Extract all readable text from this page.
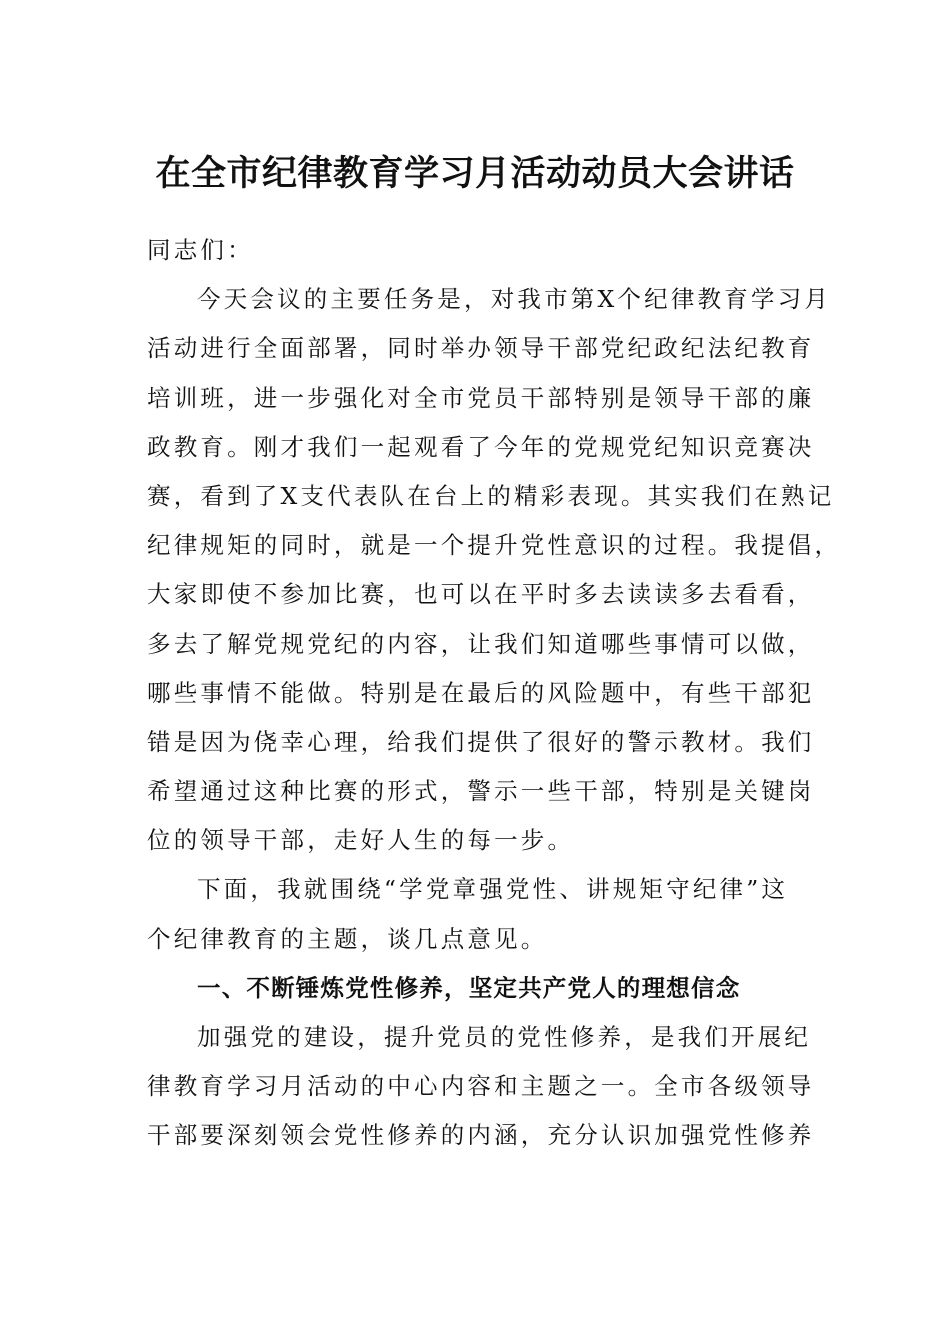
在全市纪律教育学习月活动动员大会讲话
同志们：
今天会议的主要任务是，对我市第X个纪律教育学习月
活动进行全面部署，同时举办领导干部党纪政纪法纪教育
培训班，进一步强化对全市党员干部特别是领导干部的廉
政教育。刚才我们一起观看了今年的党规党纪知识竞赛决
赛，看到了X支代表队在台上的精彩表现。其实我们在熟记
纪律规矩的同时，就是一个提升党性意识的过程。我提倡，
大家即使不参加比赛，也可以在平时多去读读多去看看，
多去了解党规党纪的内容，让我们知道哪些事情可以做，
哪些事情不能做。特别是在最后的风险题中，有些干部犯
错是因为侥幸心理，给我们提供了很好的警示教材。我们
希望通过这种比赛的形式，警示一些干部，特别是关键岗
位的领导干部，走好人生的每一步。
下面，我就围绕“学党章强党性、讲规矩守纪律”这
个纪律教育的主题，谈几点意见。
一、不断锤炼党性修养，坚定共产党人的理想信念
加强党的建设，提升党员的党性修养，是我们开展纪
律教育学习月活动的中心内容和主题之一。全市各级领导
干部要深刻领会党性修养的内涵，充分认识加强党性修养
